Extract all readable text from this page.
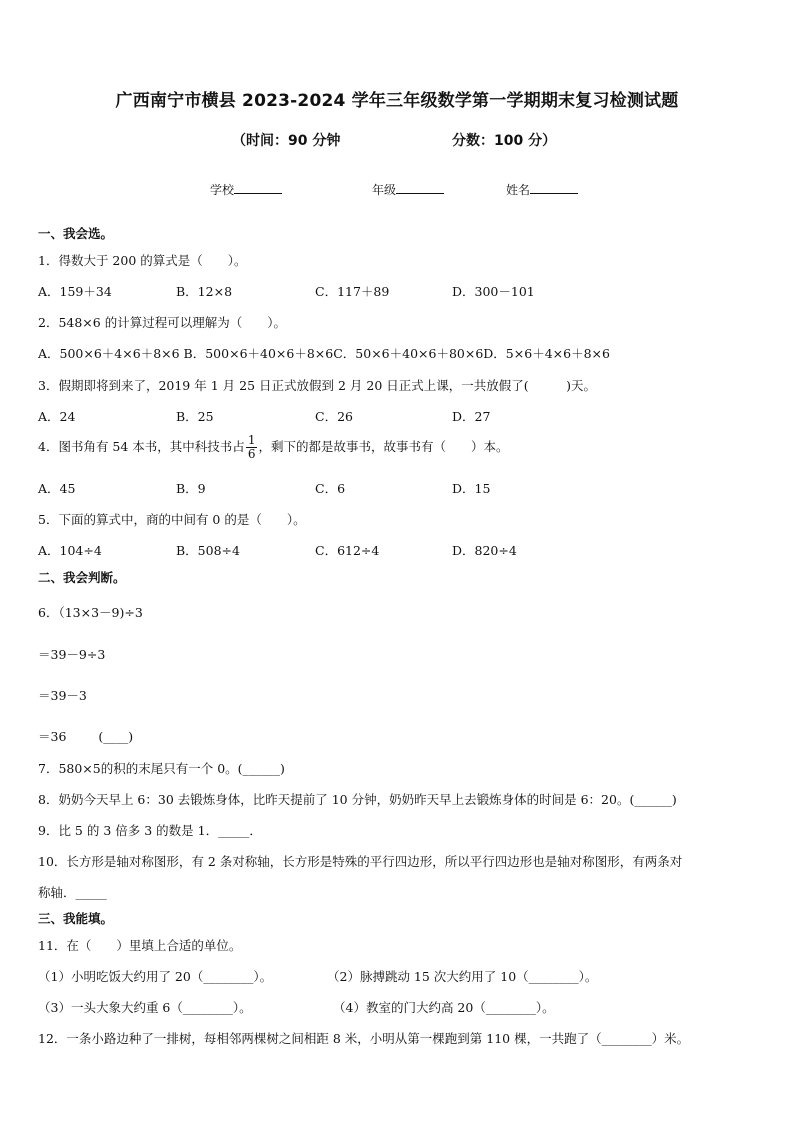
广西南宁市横县 2023-2024 学年三年级数学第一学期期末复习检测试题
（时间：90 分钟	分数：100 分）
学校	年级	姓名
一、我会选。
1．得数大于 200 的算式是（　　）。
A．159＋34	B．12×8	C．117＋89	D．300－101
2．548×6 的计算过程可以理解为（　　）。
A．500×6＋4×6＋8×6 B．500×6＋40×6＋8×6C．50×6＋40×6＋80×6D．5×6＋4×6＋8×6
3．假期即将到来了，2019 年 1 月 25 日正式放假到 2 月 20 日正式上课，一共放假了(　　　)天。
A．24	B．25	C．26	D．27
4．图书角有 54 本书，其中科技书占 $\frac{1}{6}$ ，剩下的都是故事书，故事书有（　　）本。
A．45	B．9	C．6	D．15
5．下面的算式中，商的中间有 0 的是（　　）。
A．104÷4	B．508÷4	C．612÷4	D．820÷4
二、我会判断。
6．（13×3－9)÷3
＝39－9÷3
＝39－3
＝36	(____)
7．580×5的积的末尾只有一个 0。(______)
8．奶奶今天早上 6：30 去锻炼身体，比昨天提前了 10 分钟，奶奶昨天早上去锻炼身体的时间是 6：20。(______)
9．比 5 的 3 倍多 3 的数是 1．_____．
10．长方形是轴对称图形，有 2 条对称轴，长方形是特殊的平行四边形，所以平行四边形也是轴对称图形，有两条对
称轴．_____
三、我能填。
11．在（　　）里填上合适的单位。
（1）小明吃饭大约用了 20（________）。	（2）脉搏跳动 15 次大约用了 10（________）。
（3）一头大象大约重 6（________）。	（4）教室的门大约高 20（________）。
12．一条小路边种了一排树，每相邻两棵树之间相距 8 米，小明从第一棵跑到第 110 棵，一共跑了（________）米。
